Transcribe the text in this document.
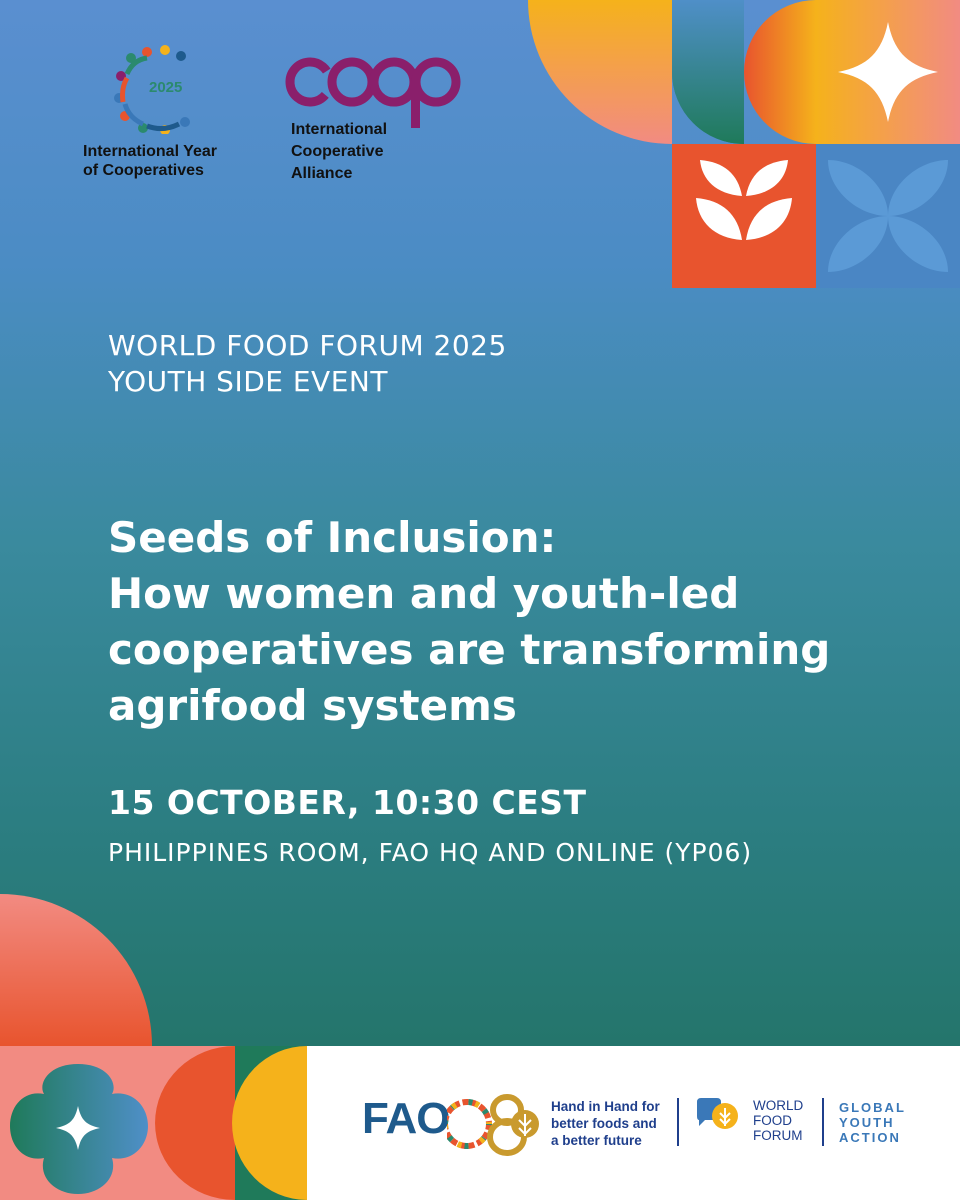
2025
International Year
of Cooperatives
International
Cooperative
Alliance
WORLD FOOD FORUM 2025
YOUTH SIDE EVENT
Seeds of Inclusion:
How women and youth-led
cooperatives are transforming
agrifood systems
15 OCTOBER, 10:30 CEST
PHILIPPINES ROOM, FAO HQ AND ONLINE (YP06)
FAO	Hand in Hand for
better foods and
a better future
WORLD
FOOD
FORUM
GLOBAL
YOUTH
ACTION
